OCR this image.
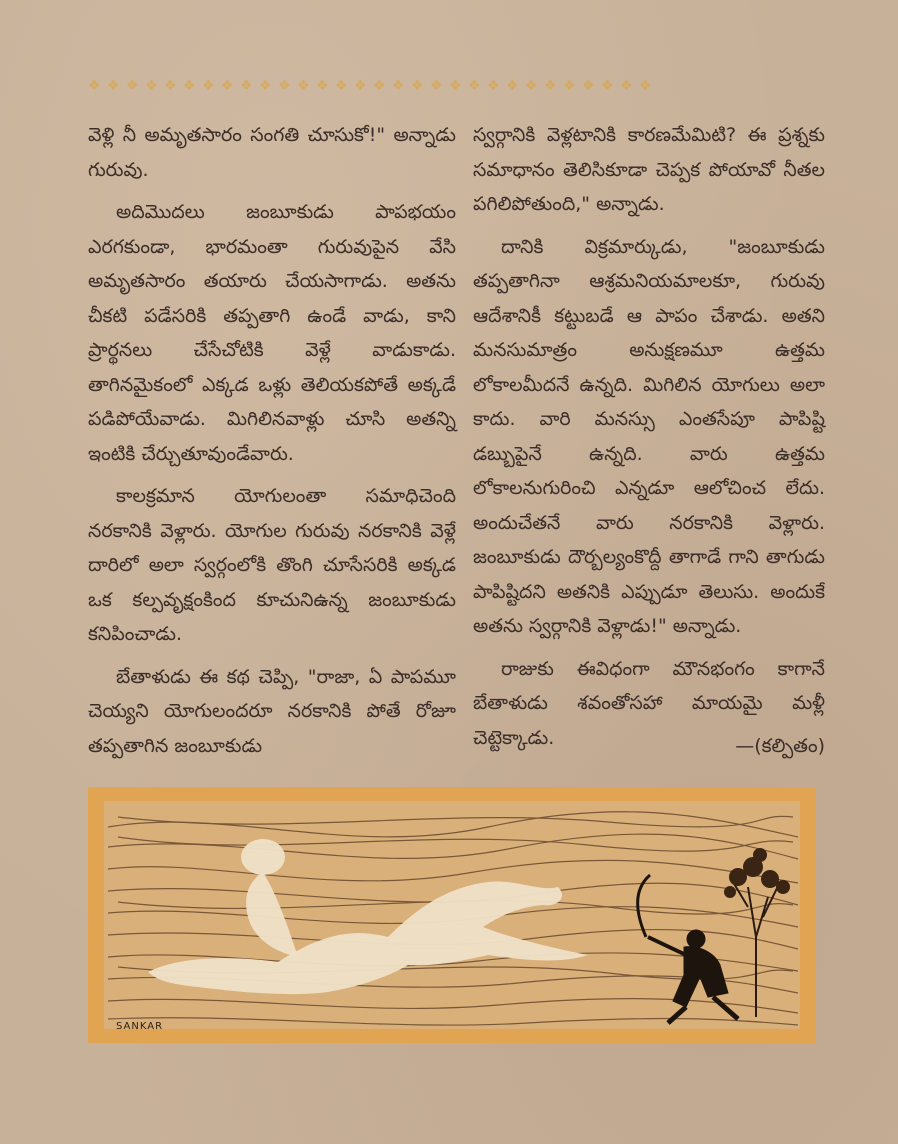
❖ ❖ ❖ ❖ ❖ ❖ ❖ ❖ ❖ ❖ ❖ ❖ ❖ ❖ ❖ ❖ ❖ ❖ ❖ ❖ ❖ ❖ ❖ ❖ ❖ ❖ ❖ ❖ ❖ ❖

వెళ్లి నీ అమృతసారం సంగతి చూసుకో!" అన్నాడు గురువు.

అదిమొదలు జంబూకుడు పాపభయం ఎరగకుండా, భారమంతా గురువుపైన వేసి అమృతసారం తయారు చేయసాగాడు. అతను చీకటి పడేసరికి తప్పతాగి ఉండే వాడు, కాని ప్రార్థనలు చేసేచోటికి వెళ్లే వాడుకాడు. తాగినమైకంలో ఎక్కడ ఒళ్లు తెలియకపోతే అక్కడే పడిపోయేవాడు. మిగిలినవాళ్లు చూసి అతన్ని ఇంటికి చేర్చుతూవుండేవారు.

కాలక్రమాన యోగులంతా సమాధిచెంది నరకానికి వెళ్లారు. యోగుల గురువు నరకానికి వెళ్లే దారిలో అలా స్వర్గంలోకి తొంగి చూసేసరికి అక్కడ ఒక కల్పవృక్షంకింద కూచునిఉన్న జంబూకుడు కనిపించాడు.

బేతాళుడు ఈ కథ చెప్పి, "రాజా, ఏ పాపమూ చెయ్యని యోగులందరూ నరకానికి పోతే రోజూ తప్పతాగిన జంబూకుడు

స్వర్గానికి వెళ్లటానికి కారణమేమిటి? ఈ ప్రశ్నకు సమాధానం తెలిసికూడా చెప్పక పోయావో నీతల పగిలిపోతుంది," అన్నాడు.

దానికి విక్రమార్కుడు, "జంబూకుడు తప్పతాగినా ఆశ్రమనియమాలకూ, గురువు ఆదేశానికీ కట్టుబడే ఆ పాపం చేశాడు. అతని మనసుమాత్రం అనుక్షణమూ ఉత్తమ లోకాలమీదనే ఉన్నది. మిగిలిన యోగులు అలా కాదు. వారి మనస్సు ఎంతసేపూ పాపిష్టి డబ్బుపైనే ఉన్నది. వారు ఉత్తమ లోకాలనుగురించి ఎన్నడూ ఆలోచించ లేదు. అందుచేతనే వారు నరకానికి వెళ్లారు. జంబూకుడు దౌర్బల్యంకొద్దీ తాగాడే గాని తాగుడు పాపిష్టిదని అతనికి ఎప్పుడూ తెలుసు. అందుకే అతను స్వర్గానికి వెళ్లాడు!" అన్నాడు.

రాజుకు ఈవిధంగా మౌనభంగం కాగానే బేతాళుడు శవంతోసహా మాయమై మళ్లీ చెట్టెక్కాడు.	—(కల్పితం)
SANKAR
